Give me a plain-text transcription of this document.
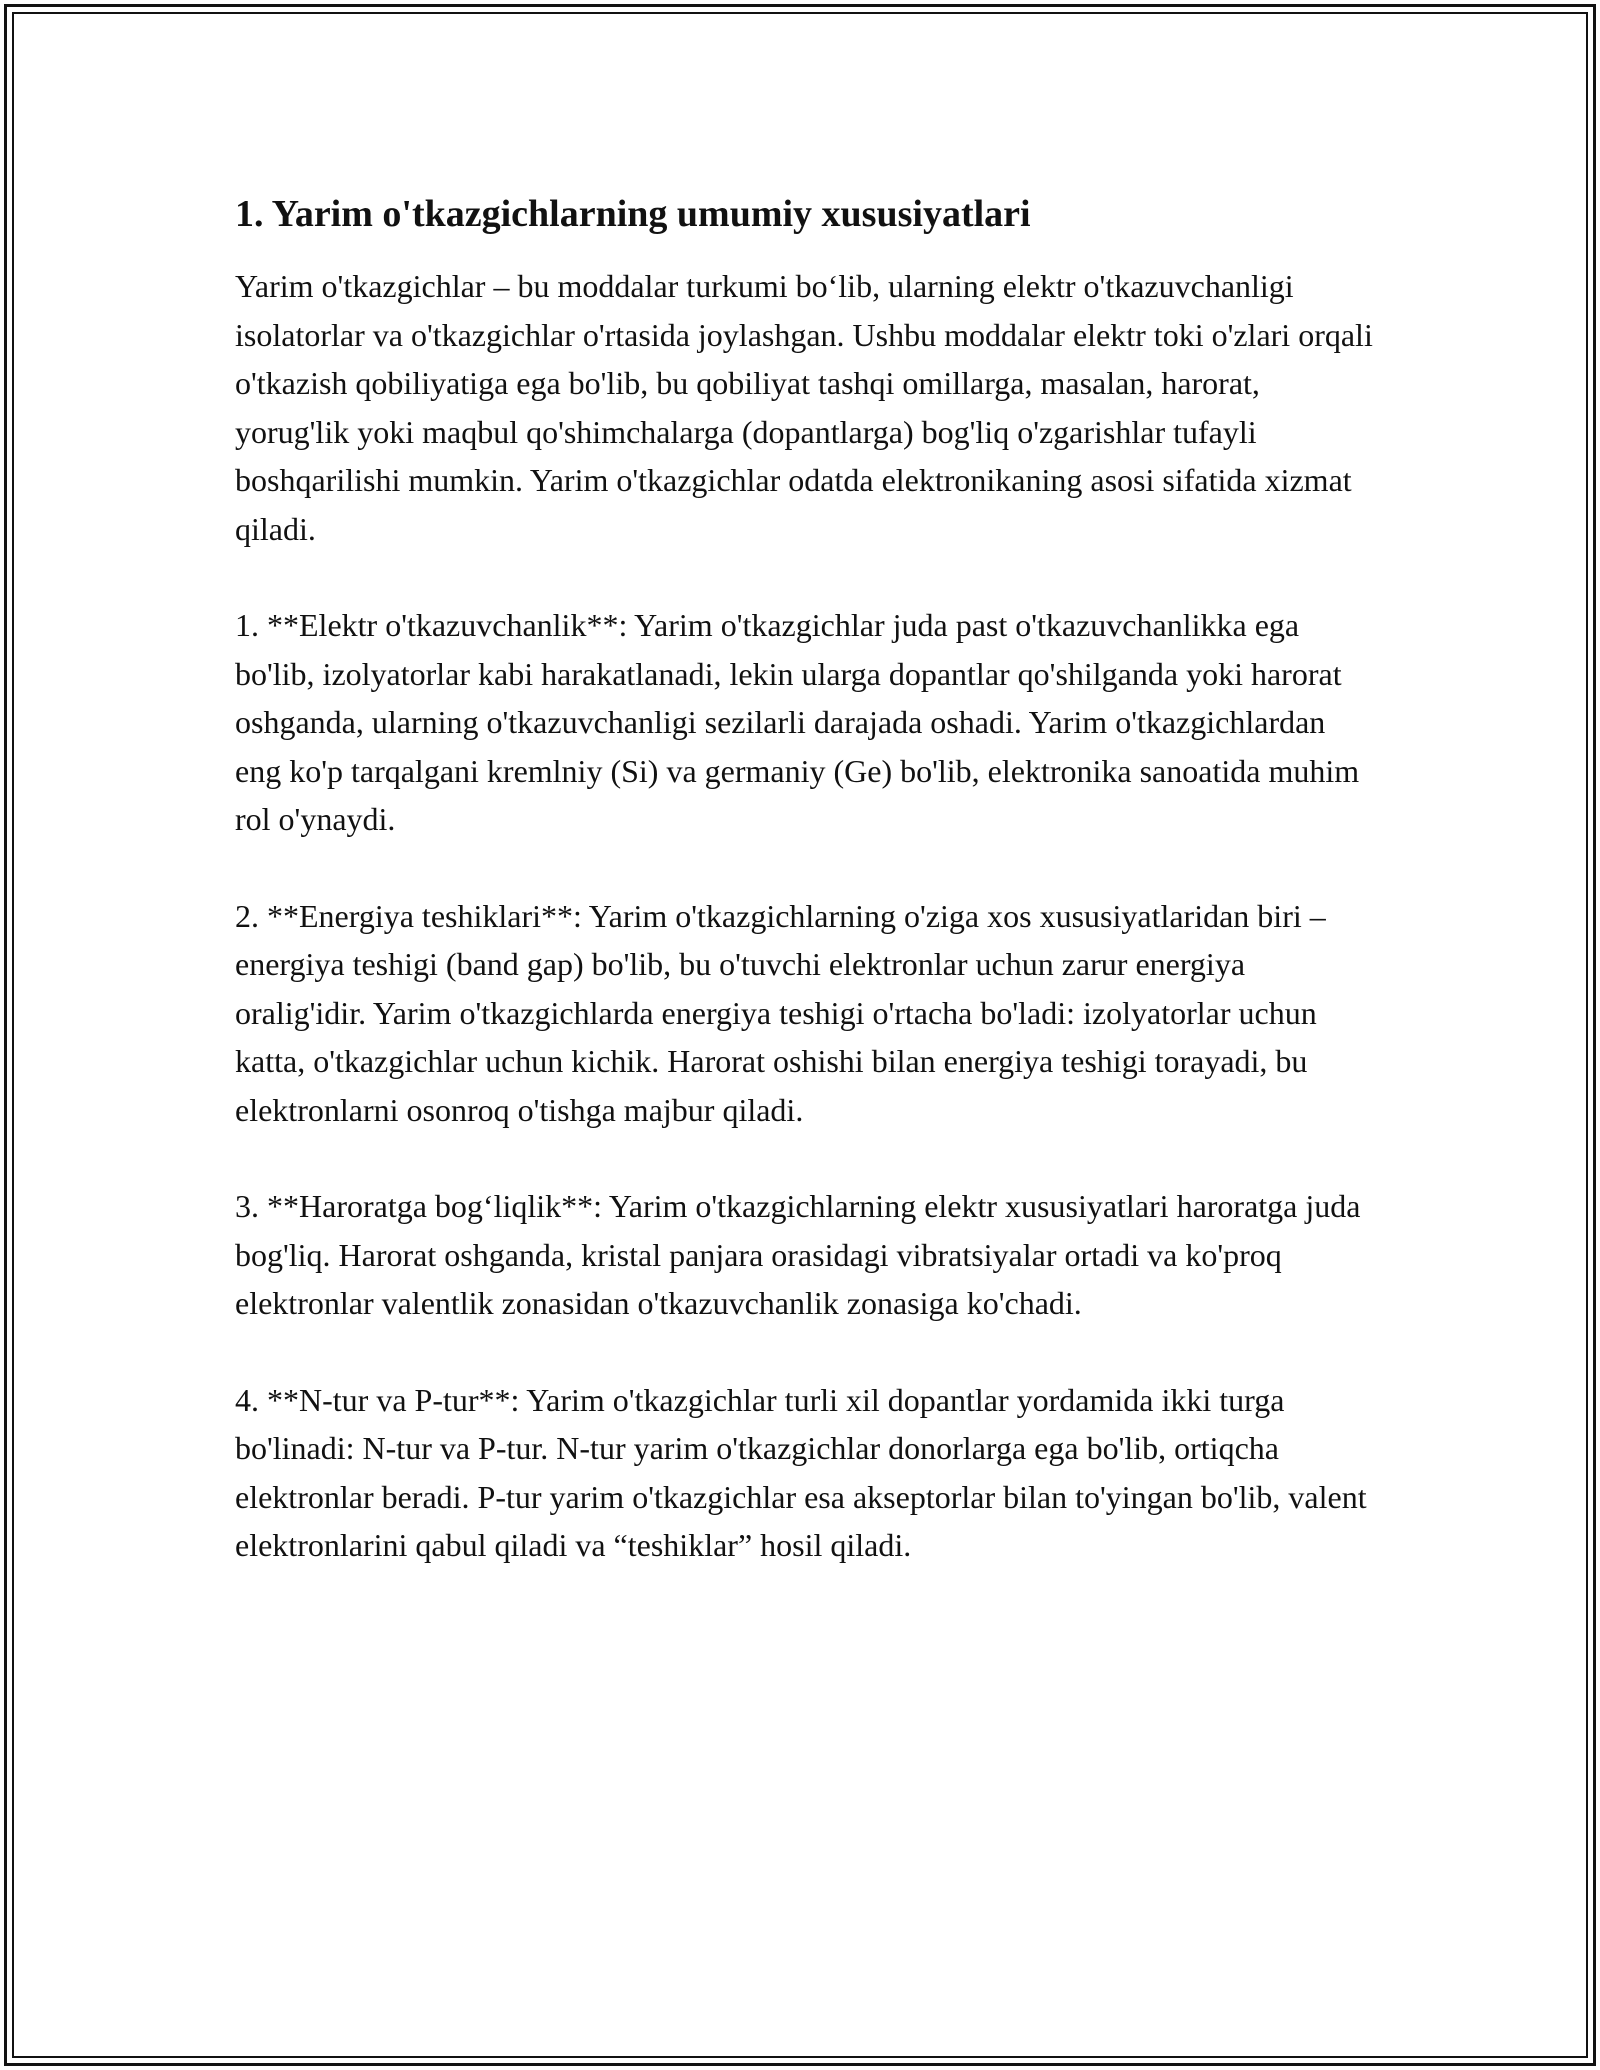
1. Yarim o'tkazgichlarning umumiy xususiyatlari

Yarim o'tkazgichlar – bu moddalar turkumi bo‘lib, ularning elektr o'tkazuvchanligi isolatorlar va o'tkazgichlar o'rtasida joylashgan. Ushbu moddalar elektr toki o'zlari orqali o'tkazish qobiliyatiga ega bo'lib, bu qobiliyat tashqi omillarga, masalan, harorat, yorug'lik yoki maqbul qo'shimchalarga (dopantlarga) bog'liq o'zgarishlar tufayli boshqarilishi mumkin. Yarim o'tkazgichlar odatda elektronikaning asosi sifatida xizmat qiladi.

1. **Elektr o'tkazuvchanlik**: Yarim o'tkazgichlar juda past o'tkazuvchanlikka ega bo'lib, izolyatorlar kabi harakatlanadi, lekin ularga dopantlar qo'shilganda yoki harorat oshganda, ularning o'tkazuvchanligi sezilarli darajada oshadi. Yarim o'tkazgichlardan eng ko'p tarqalgani kremlniy (Si) va germaniy (Ge) bo'lib, elektronika sanoatida muhim rol o'ynaydi.

2. **Energiya teshiklari**: Yarim o'tkazgichlarning o'ziga xos xususiyatlaridan biri – energiya teshigi (band gap) bo'lib, bu o'tuvchi elektronlar uchun zarur energiya oralig'idir. Yarim o'tkazgichlarda energiya teshigi o'rtacha bo'ladi: izolyatorlar uchun katta, o'tkazgichlar uchun kichik. Harorat oshishi bilan energiya teshigi torayadi, bu elektronlarni osonroq o'tishga majbur qiladi.

3. **Haroratga bog‘liqlik**: Yarim o'tkazgichlarning elektr xususiyatlari haroratga juda bog'liq. Harorat oshganda, kristal panjara orasidagi vibratsiyalar ortadi va ko'proq elektronlar valentlik zonasidan o'tkazuvchanlik zonasiga ko'chadi.

4. **N-tur va P-tur**: Yarim o'tkazgichlar turli xil dopantlar yordamida ikki turga bo'linadi: N-tur va P-tur. N-tur yarim o'tkazgichlar donorlarga ega bo'lib, ortiqcha elektronlar beradi. P-tur yarim o'tkazgichlar esa akseptorlar bilan to'yingan bo'lib, valent elektronlarini qabul qiladi va “teshiklar” hosil qiladi.
